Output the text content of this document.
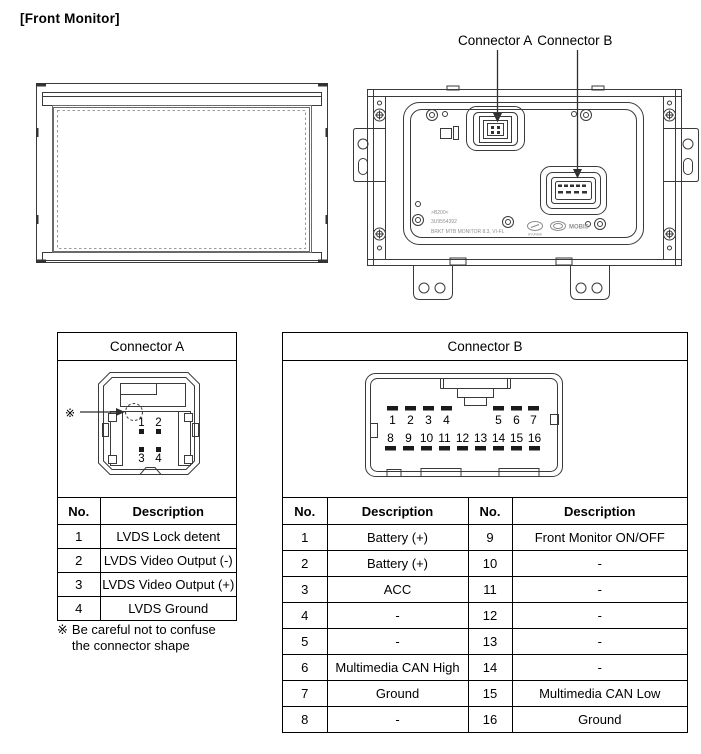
[Front Monitor]
Connector A Connector B
>B200<
3U9554392
BRKT MTB MONITOR 8.3, VI-FL	HYUNDAI
MOBIS
Connector A
※
1 2
3 4
No.	Description
1	LVDS Lock detent
2	LVDS Video Output (-)
3	LVDS Video Output (+)
4	LVDS Ground
※ Be careful not to confuse
the connector shape
Connector B
1 2 3 4	5 6 7
8 9 10 11 12 13 14 15 16
No.	Description	No.	Description
1	Battery (+)	9	Front Monitor ON/OFF
2	Battery (+)	10	-
3	ACC	11	-
4	-	12	-
5	-	13	-
6	Multimedia CAN High	14	-
7	Ground	15	Multimedia CAN Low
8	-	16	Ground
